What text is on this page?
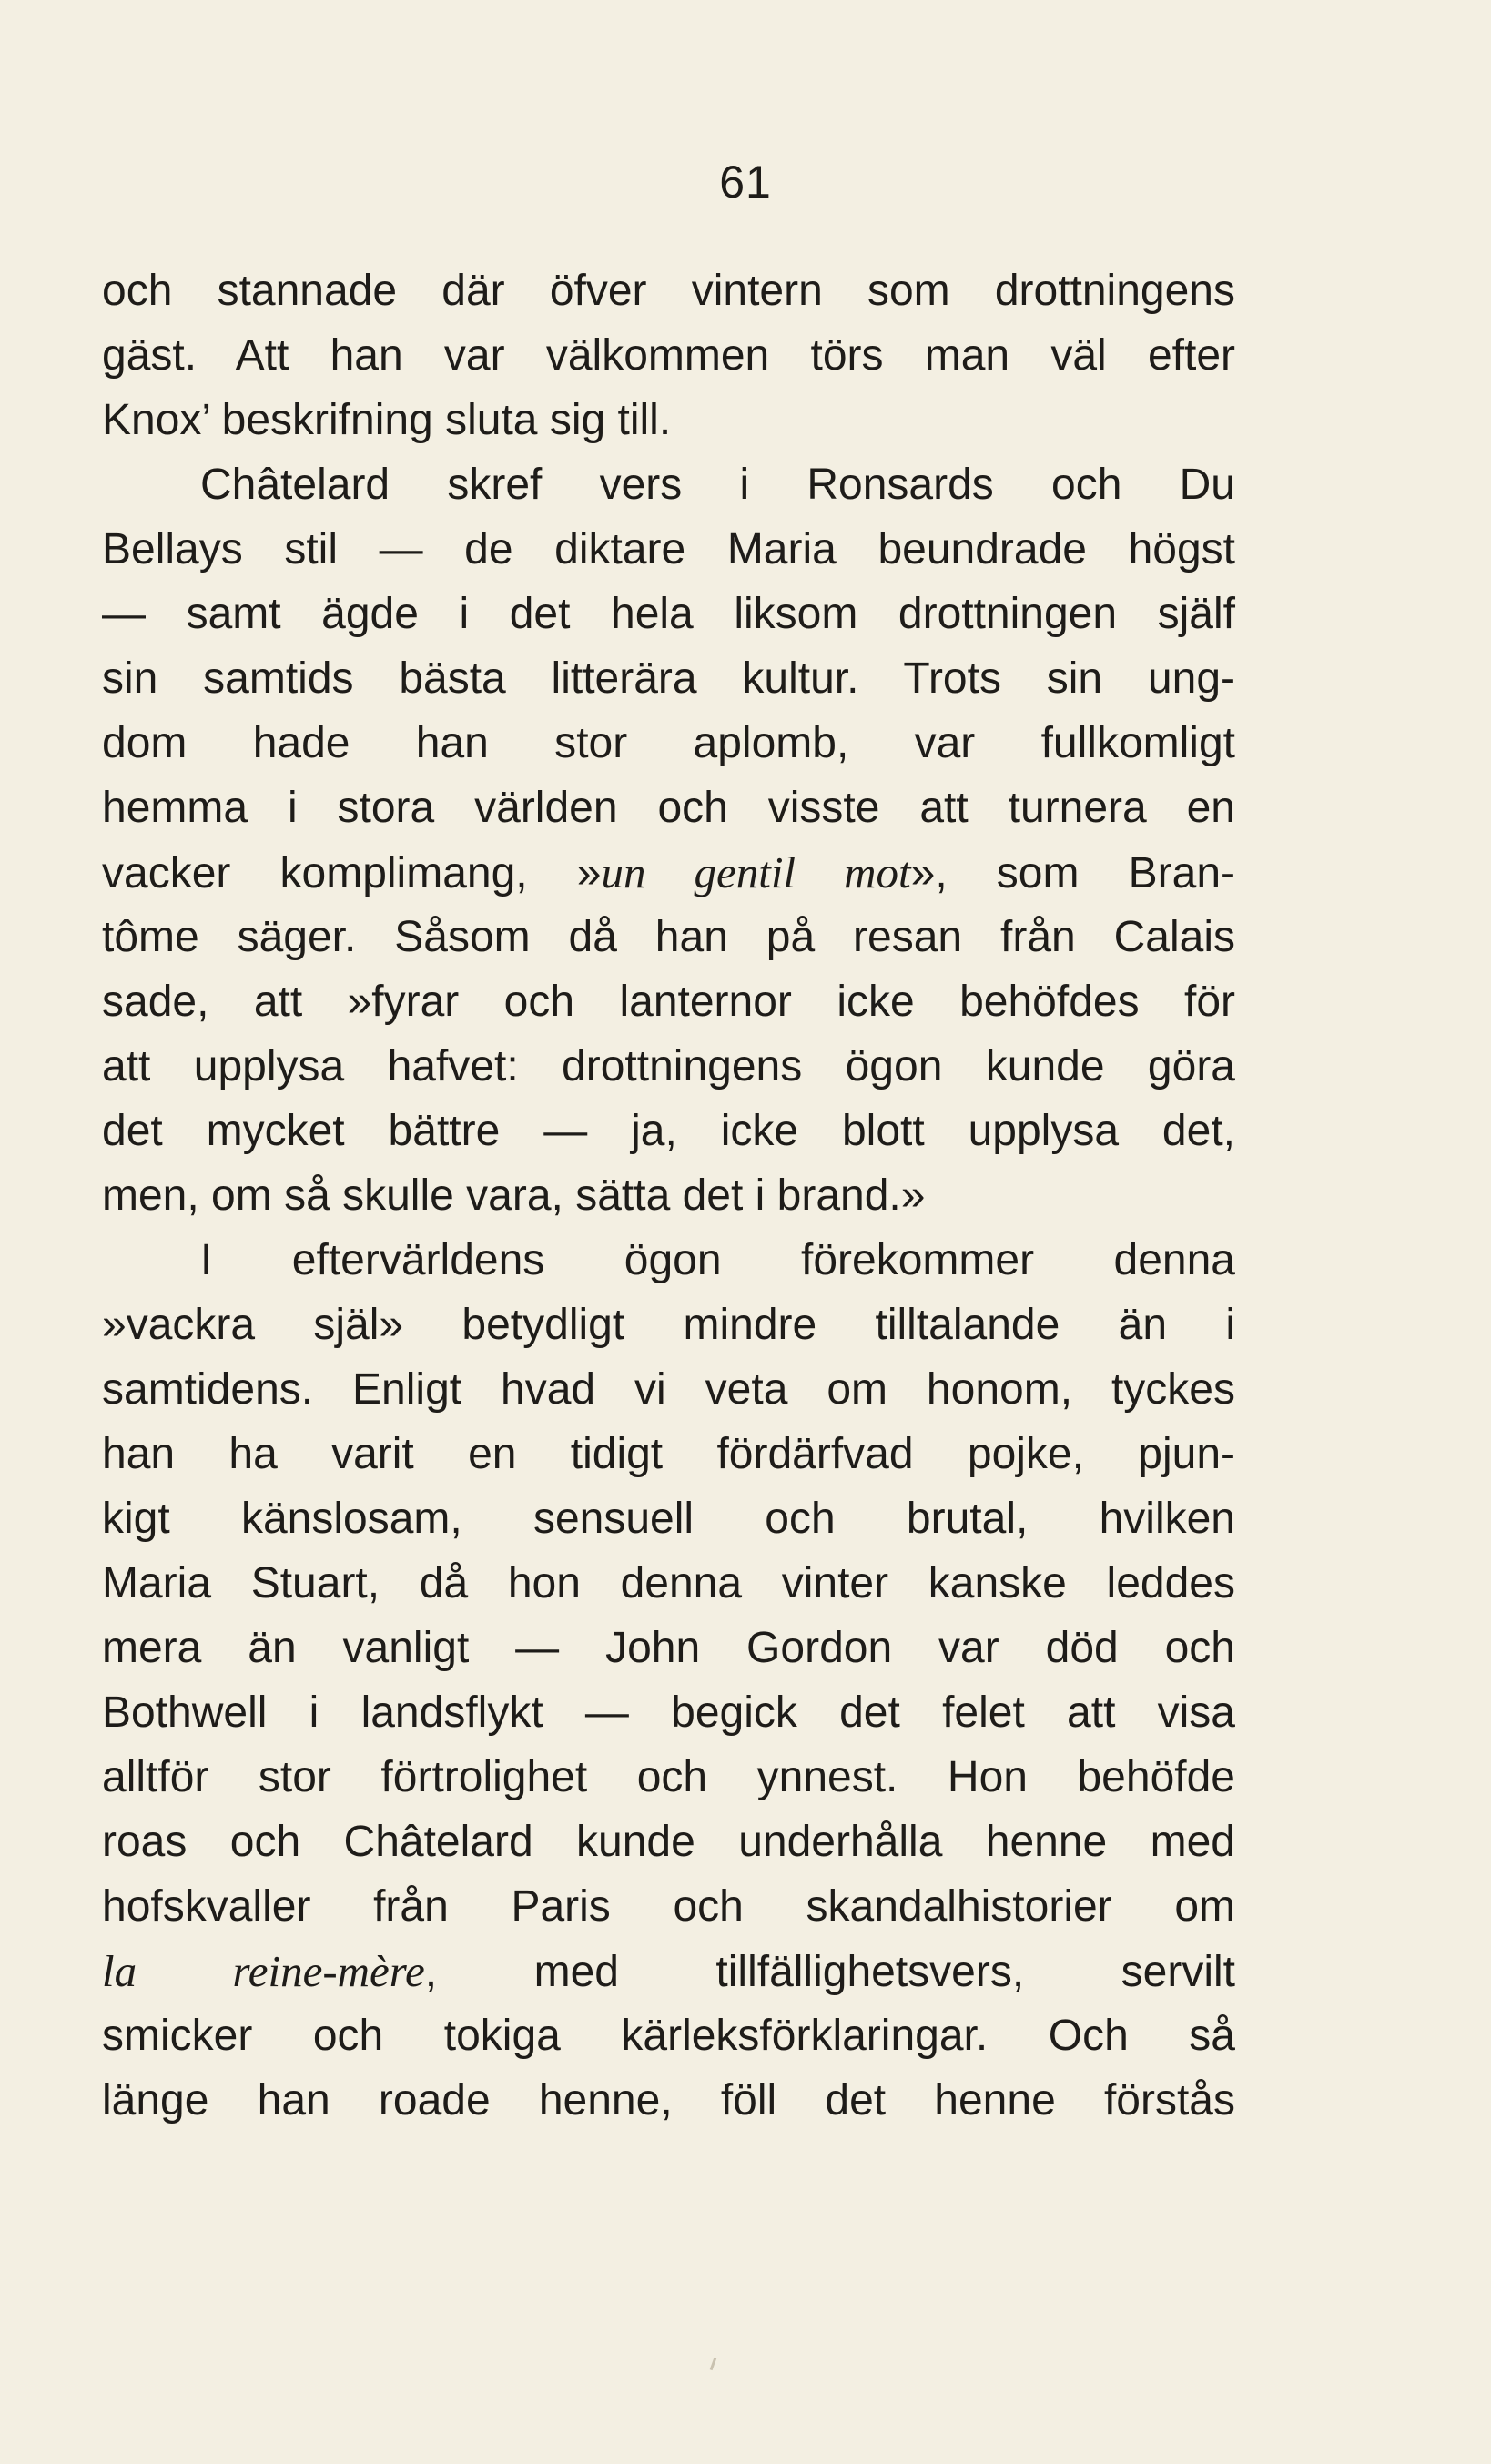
61
och stannade där öfver vintern som drottningens
gäst. Att han var välkommen törs man väl efter
Knox’ beskrifning sluta sig till.
Châtelard skref vers i Ronsards och Du
Bellays stil — de diktare Maria beundrade högst
— samt ägde i det hela liksom drottningen själf
sin samtids bästa litterära kultur. Trots sin ung-
dom hade han stor aplomb, var fullkomligt
hemma i stora världen och visste att turnera en
vacker komplimang, »un gentil mot», som Bran-
tôme säger. Såsom då han på resan från Calais
sade, att »fyrar och lanternor icke behöfdes för
att upplysa hafvet: drottningens ögon kunde göra
det mycket bättre — ja, icke blott upplysa det,
men, om så skulle vara, sätta det i brand.»
I eftervärldens ögon förekommer denna
»vackra själ» betydligt mindre tilltalande än i
samtidens. Enligt hvad vi veta om honom, tyckes
han ha varit en tidigt fördärfvad pojke, pjun-
kigt känslosam, sensuell och brutal, hvilken
Maria Stuart, då hon denna vinter kanske leddes
mera än vanligt — John Gordon var död och
Bothwell i landsflykt — begick det felet att visa
alltför stor förtrolighet och ynnest. Hon behöfde
roas och Châtelard kunde underhålla henne med
hofskvaller från Paris och skandalhistorier om
la reine-mère, med tillfällighetsvers, servilt
smicker och tokiga kärleksförklaringar. Och så
länge han roade henne, föll det henne förstås
